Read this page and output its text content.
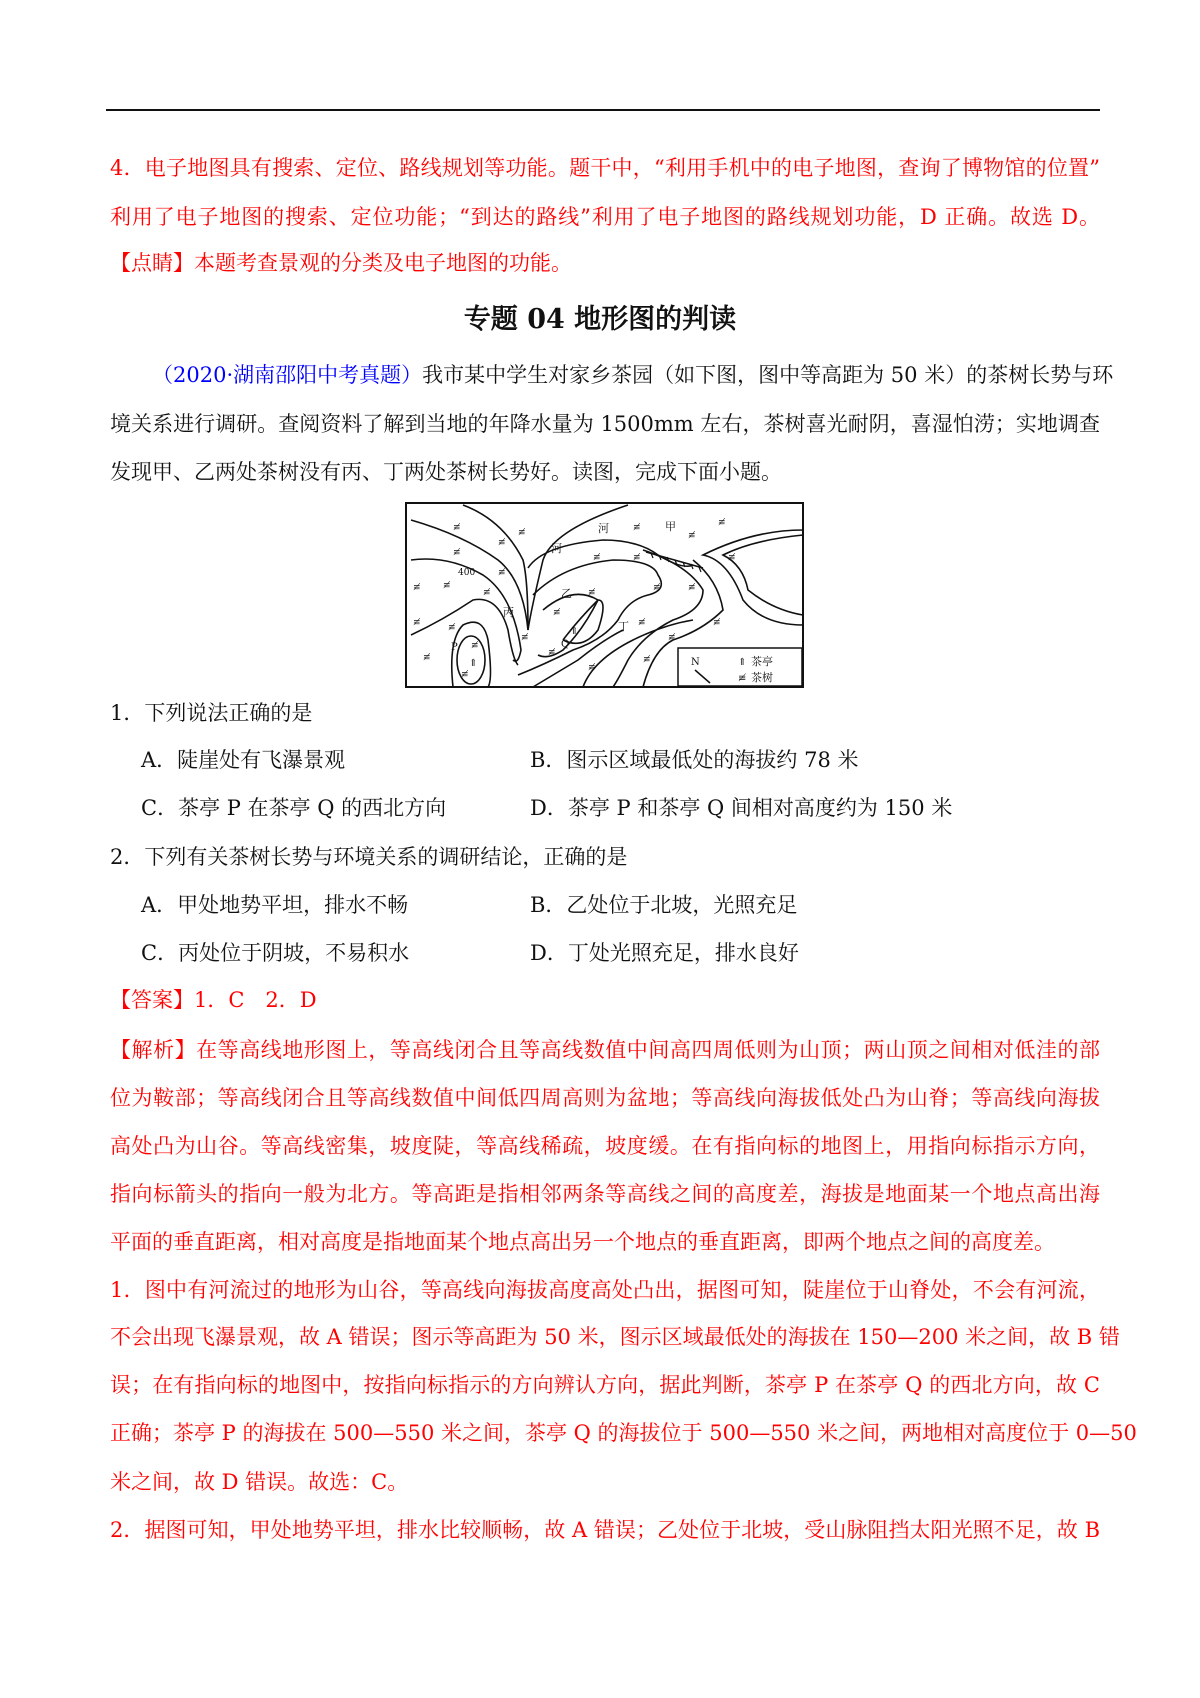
4．电子地图具有搜索、定位、路线规划等功能。题干中，“利用手机中的电子地图，查询了博物馆的位置”
利用了电子地图的搜索、定位功能；“到达的路线”利用了电子地图的路线规划功能，D 正确。故选 D。
【点睛】本题考查景观的分类及电子地图的功能。
专题 04 地形图的判读
（2020·湖南邵阳中考真题）我市某中学生对家乡茶园（如下图，图中等高距为 50 米）的茶树长势与环
境关系进行调研。查阅资料了解到当地的年降水量为 1500mm 左右，茶树喜光耐阴，喜湿怕涝；实地调查
发现甲、乙两处茶树没有丙、丁两处茶树长势好。读图，完成下面小题。
≢	≢
≢
≢
≢ ≢
≢
≢
≢	≢
≢
≢
≢
≢
≢
≢
≢	≢
≢
≢
≢
≢
≢
≢
≢
≢
≢
≢
≢
≢
河
河
甲
乙
丙
丁
400
P	Q
⇑
⇑
N	⇑ 茶亭
≢ 茶树
1．下列说法正确的是
A．陡崖处有飞瀑景观	B．图示区域最低处的海拔约 78 米
C．茶亭 P 在茶亭 Q 的西北方向	D．茶亭 P 和茶亭 Q 间相对高度约为 150 米
2．下列有关茶树长势与环境关系的调研结论，正确的是
A．甲处地势平坦，排水不畅	B．乙处位于北坡，光照充足
C．丙处位于阴坡，不易积水	D．丁处光照充足，排水良好
【答案】1．C　2．D
【解析】在等高线地形图上，等高线闭合且等高线数值中间高四周低则为山顶；两山顶之间相对低洼的部
位为鞍部；等高线闭合且等高线数值中间低四周高则为盆地；等高线向海拔低处凸为山脊；等高线向海拔
高处凸为山谷。等高线密集，坡度陡，等高线稀疏，坡度缓。在有指向标的地图上，用指向标指示方向，
指向标箭头的指向一般为北方。等高距是指相邻两条等高线之间的高度差，海拔是地面某一个地点高出海
平面的垂直距离，相对高度是指地面某个地点高出另一个地点的垂直距离，即两个地点之间的高度差。
1．图中有河流过的地形为山谷，等高线向海拔高度高处凸出，据图可知，陡崖位于山脊处，不会有河流，
不会出现飞瀑景观，故 A 错误；图示等高距为 50 米，图示区域最低处的海拔在 150—200 米之间，故 B 错
误；在有指向标的地图中，按指向标指示的方向辨认方向，据此判断，茶亭 P 在茶亭 Q 的西北方向，故 C
正确；茶亭 P 的海拔在 500—550 米之间，茶亭 Q 的海拔位于 500—550 米之间，两地相对高度位于 0—50
米之间，故 D 错误。故选：C。
2．据图可知，甲处地势平坦，排水比较顺畅，故 A 错误；乙处位于北坡，受山脉阻挡太阳光照不足，故 B
